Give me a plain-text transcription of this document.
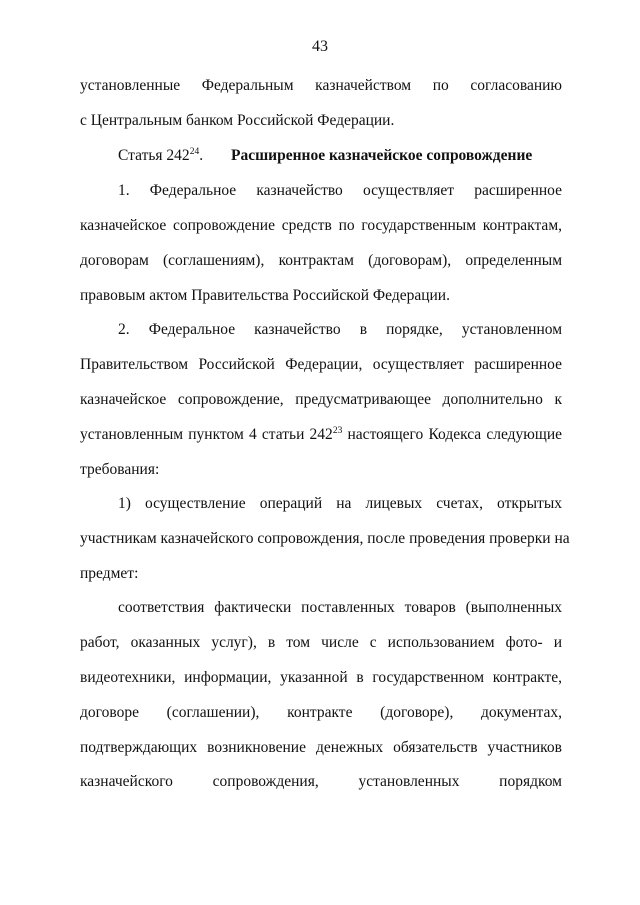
43
установленные Федеральным казначейством по согласованию
с Центральным банком Российской Федерации.
Статья $242^{24}$. Расширенное казначейское сопровождение
1. Федеральное казначейство осуществляет расширенное
казначейское сопровождение средств по государственным контрактам,
договорам (соглашениям), контрактам (договорам), определенным
правовым актом Правительства Российской Федерации.
2. Федеральное казначейство в порядке, установленном
Правительством Российской Федерации, осуществляет расширенное
казначейское сопровождение, предусматривающее дополнительно к
установленным пунктом 4 статьи $242^{23}$ настоящего Кодекса следующие
требования:
1) осуществление операций на лицевых счетах, открытых
участникам казначейского сопровождения, после проведения проверки на
предмет:
соответствия фактически поставленных товаров (выполненных
работ, оказанных услуг), в том числе с использованием фото- и
видеотехники, информации, указанной в государственном контракте,
договоре (соглашении), контракте (договоре), документах,
подтверждающих возникновение денежных обязательств участников
казначейского сопровождения, установленных порядком
